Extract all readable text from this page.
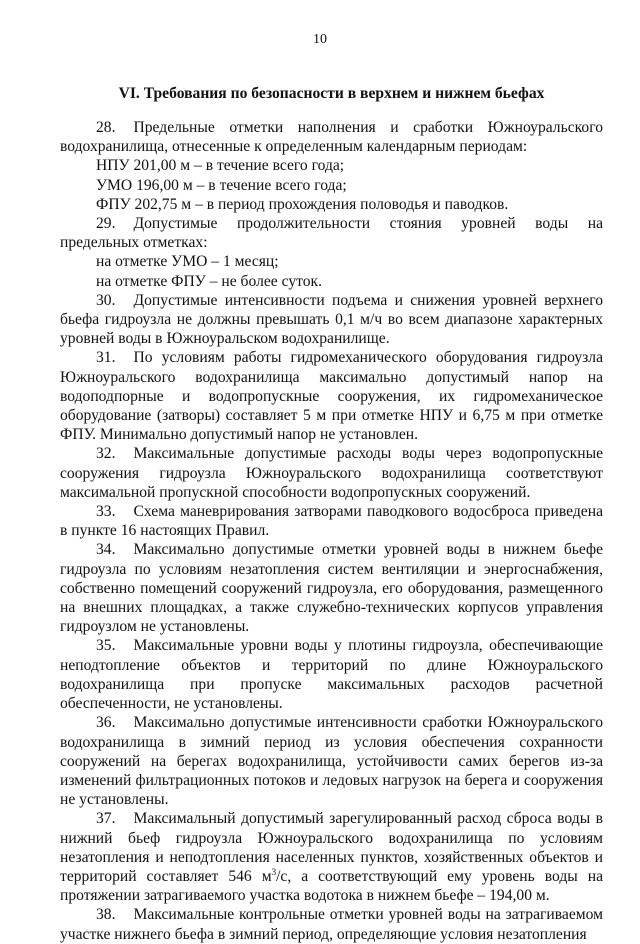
10
VI. Требования по безопасности в верхнем и нижнем бьефах

28. Предельные отметки наполнения и сработки Южноуральского водохранилища, отнесенные к определенным календарным периодам:

НПУ 201,00 м – в течение всего года;

УМО 196,00 м – в течение всего года;

ФПУ 202,75 м – в период прохождения половодья и паводков.

29. Допустимые продолжительности стояния уровней воды на предельных отметках:

на отметке УМО – 1 месяц;

на отметке ФПУ – не более суток.

30. Допустимые интенсивности подъема и снижения уровней верхнего бьефа гидроузла не должны превышать 0,1 м/ч во всем диапазоне характерных уровней воды в Южноуральском водохранилище.

31. По условиям работы гидромеханического оборудования гидроузла Южноуральского водохранилища максимально допустимый напор на водоподпорные и водопропускные сооружения, их гидромеханическое оборудование (затворы) составляет 5 м при отметке НПУ и 6,75 м при отметке ФПУ. Минимально допустимый напор не установлен.

32. Максимальные допустимые расходы воды через водопропускные сооружения гидроузла Южноуральского водохранилища соответствуют максимальной пропускной способности водопропускных сооружений.

33. Схема маневрирования затворами паводкового водосброса приведена в пункте 16 настоящих Правил.

34. Максимально допустимые отметки уровней воды в нижнем бьефе гидроузла по условиям незатопления систем вентиляции и энергоснабжения, собственно помещений сооружений гидроузла, его оборудования, размещенного на внешних площадках, а также служебно-технических корпусов управления гидроузлом не установлены.

35. Максимальные уровни воды у плотины гидроузла, обеспечивающие неподтопление объектов и территорий по длине Южноуральского водохранилища при пропуске максимальных расходов расчетной обеспеченности, не установлены.

36. Максимально допустимые интенсивности сработки Южноуральского водохранилища в зимний период из условия обеспечения сохранности сооружений на берегах водохранилища, устойчивости самих берегов из-за изменений фильтрационных потоков и ледовых нагрузок на берега и сооружения не установлены.

37. Максимальный допустимый зарегулированный расход сброса воды в нижний бьеф гидроузла Южноуральского водохранилища по условиям незатопления и неподтопления населенных пунктов, хозяйственных объектов и территорий составляет 546 $м^3/с$, а соответствующий ему уровень воды на протяжении затрагиваемого участка водотока в нижнем бьефе – 194,00 м.

38. Максимальные контрольные отметки уровней воды на затрагиваемом участке нижнего бьефа в зимний период, определяющие условия незатопления
